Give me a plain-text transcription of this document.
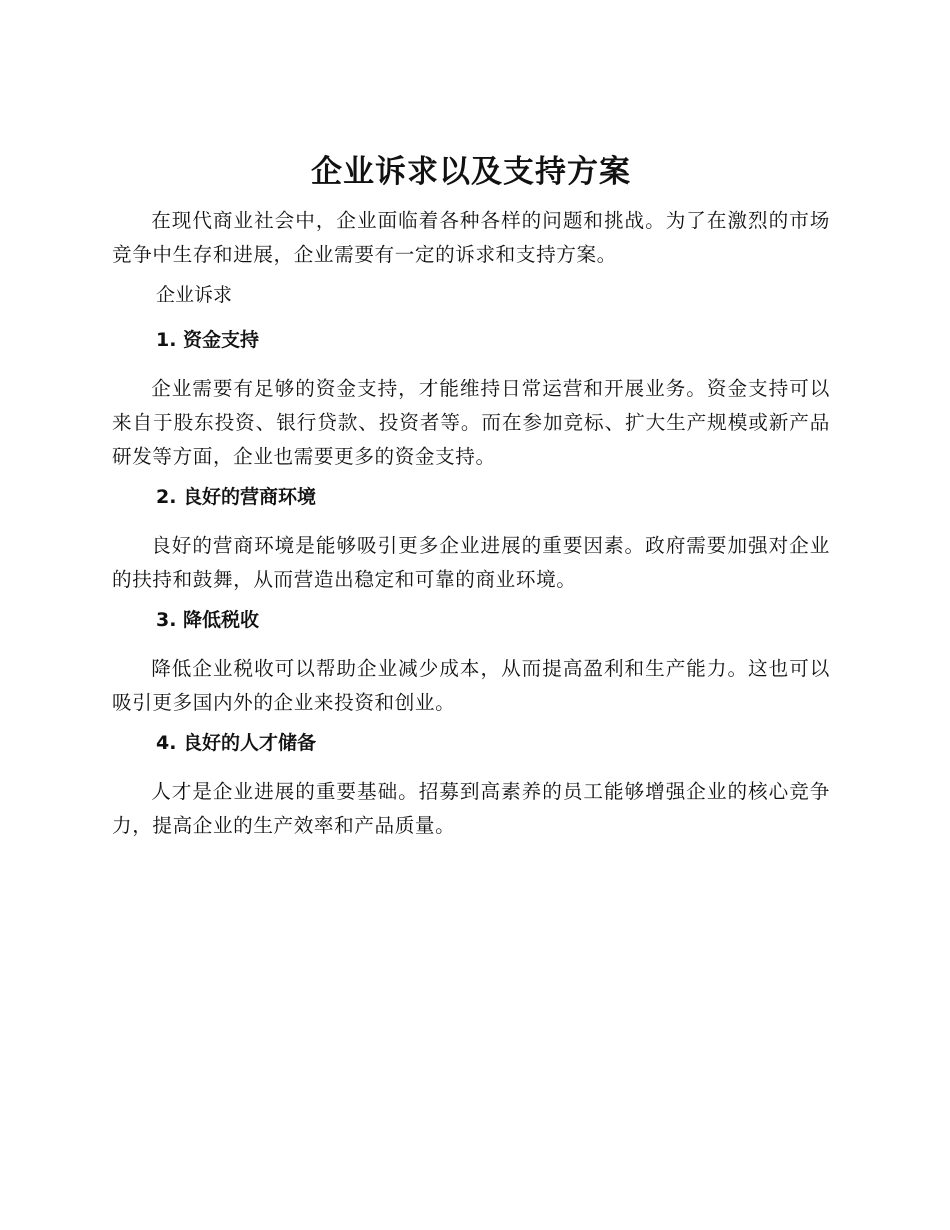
企业诉求以及支持方案

在现代商业社会中，企业面临着各种各样的问题和挑战。为了在激烈的市场竞争中生存和进展，企业需要有一定的诉求和支持方案。

企业诉求
1. 资金支持

企业需要有足够的资金支持，才能维持日常运营和开展业务。资金支持可以来自于股东投资、银行贷款、投资者等。而在参加竞标、扩大生产规模或新产品研发等方面，企业也需要更多的资金支持。

2. 良好的营商环境

良好的营商环境是能够吸引更多企业进展的重要因素。政府需要加强对企业的扶持和鼓舞，从而营造出稳定和可靠的商业环境。

3. 降低税收

降低企业税收可以帮助企业减少成本，从而提高盈利和生产能力。这也可以吸引更多国内外的企业来投资和创业。

4. 良好的人才储备

人才是企业进展的重要基础。招募到高素养的员工能够增强企业的核心竞争力，提高企业的生产效率和产品质量。
